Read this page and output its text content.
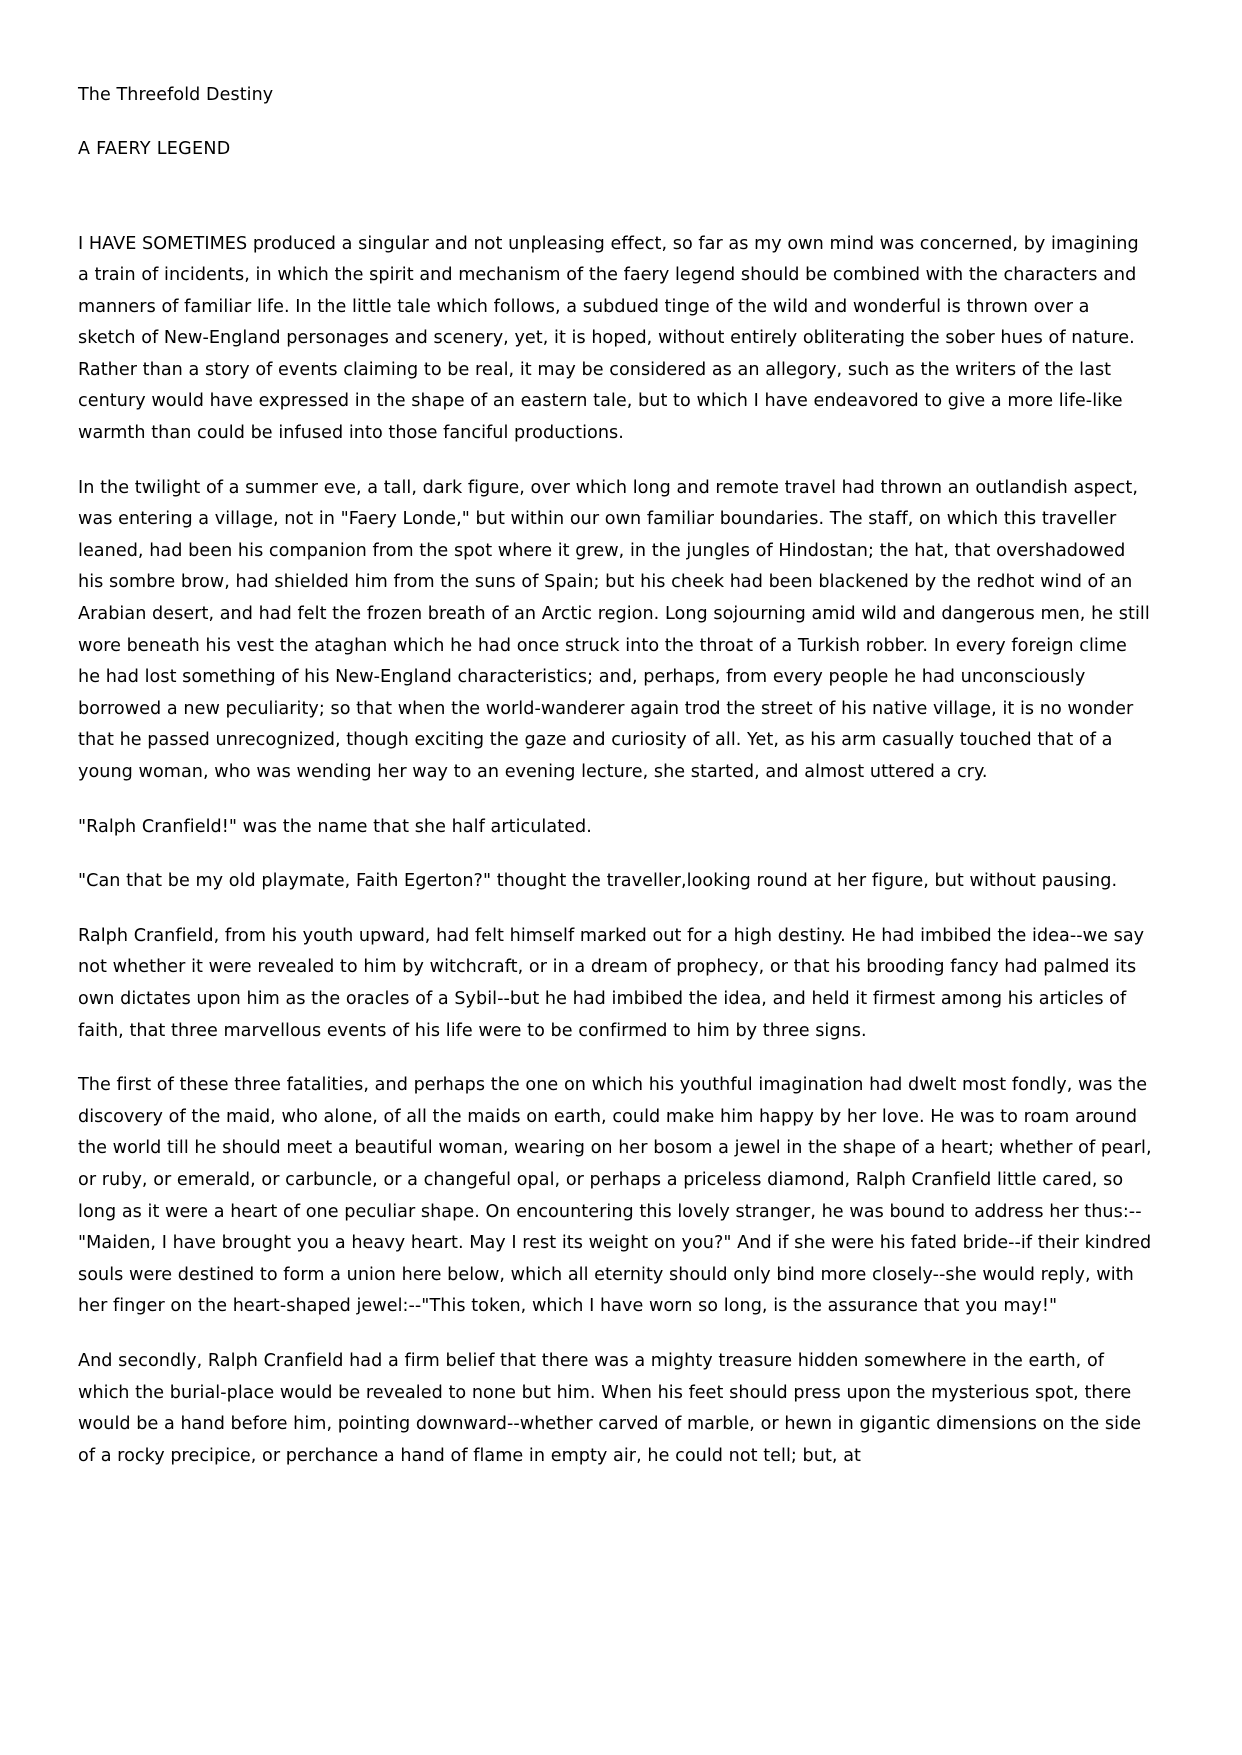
The Threefold Destiny
A FAERY LEGEND

I HAVE SOMETIMES produced a singular and not unpleasing effect, so far as my own mind was concerned, by imagining a train of incidents, in which the spirit and mechanism of the faery legend should be combined with the characters and manners of familiar life. In the little tale which follows, a subdued tinge of the wild and wonderful is thrown over a sketch of New-England personages and scenery, yet, it is hoped, without entirely obliterating the sober hues of nature. Rather than a story of events claiming to be real, it may be considered as an allegory, such as the writers of the last century would have expressed in the shape of an eastern tale, but to which I have endeavored to give a more life-like warmth than could be infused into those fanciful productions.

In the twilight of a summer eve, a tall, dark figure, over which long and remote travel had thrown an outlandish aspect, was entering a village, not in "Faery Londe," but within our own familiar boundaries. The staff, on which this traveller leaned, had been his companion from the spot where it grew, in the jungles of Hindostan; the hat, that overshadowed his sombre brow, had shielded him from the suns of Spain; but his cheek had been blackened by the redhot wind of an Arabian desert, and had felt the frozen breath of an Arctic region. Long sojourning amid wild and dangerous men, he still wore beneath his vest the ataghan which he had once struck into the throat of a Turkish robber. In every foreign clime he had lost something of his New-England characteristics; and, perhaps, from every people he had unconsciously borrowed a new peculiarity; so that when the world-wanderer again trod the street of his native village, it is no wonder that he passed unrecognized, though exciting the gaze and curiosity of all. Yet, as his arm casually touched that of a young woman, who was wending her way to an evening lecture, she started, and almost uttered a cry.

"Ralph Cranfield!" was the name that she half articulated.

"Can that be my old playmate, Faith Egerton?" thought the traveller,looking round at her figure, but without pausing.

Ralph Cranfield, from his youth upward, had felt himself marked out for a high destiny. He had imbibed the idea--we say not whether it were revealed to him by witchcraft, or in a dream of prophecy, or that his brooding fancy had palmed its own dictates upon him as the oracles of a Sybil--but he had imbibed the idea, and held it firmest among his articles of faith, that three marvellous events of his life were to be confirmed to him by three signs.

The first of these three fatalities, and perhaps the one on which his youthful imagination had dwelt most fondly, was the discovery of the maid, who alone, of all the maids on earth, could make him happy by her love. He was to roam around the world till he should meet a beautiful woman, wearing on her bosom a jewel in the shape of a heart; whether of pearl, or ruby, or emerald, or carbuncle, or a changeful opal, or perhaps a priceless diamond, Ralph Cranfield little cared, so long as it were a heart of one peculiar shape. On encountering this lovely stranger, he was bound to address her thus:--"Maiden, I have brought you a heavy heart. May I rest its weight on you?" And if she were his fated bride--if their kindred souls were destined to form a union here below, which all eternity should only bind more closely--she would reply, with her finger on the heart-shaped jewel:--"This token, which I have worn so long, is the assurance that you may!"

And secondly, Ralph Cranfield had a firm belief that there was a mighty treasure hidden somewhere in the earth, of which the burial-place would be revealed to none but him. When his feet should press upon the mysterious spot, there would be a hand before him, pointing downward--whether carved of marble, or hewn in gigantic dimensions on the side of a rocky precipice, or perchance a hand of flame in empty air, he could not tell; but, at
